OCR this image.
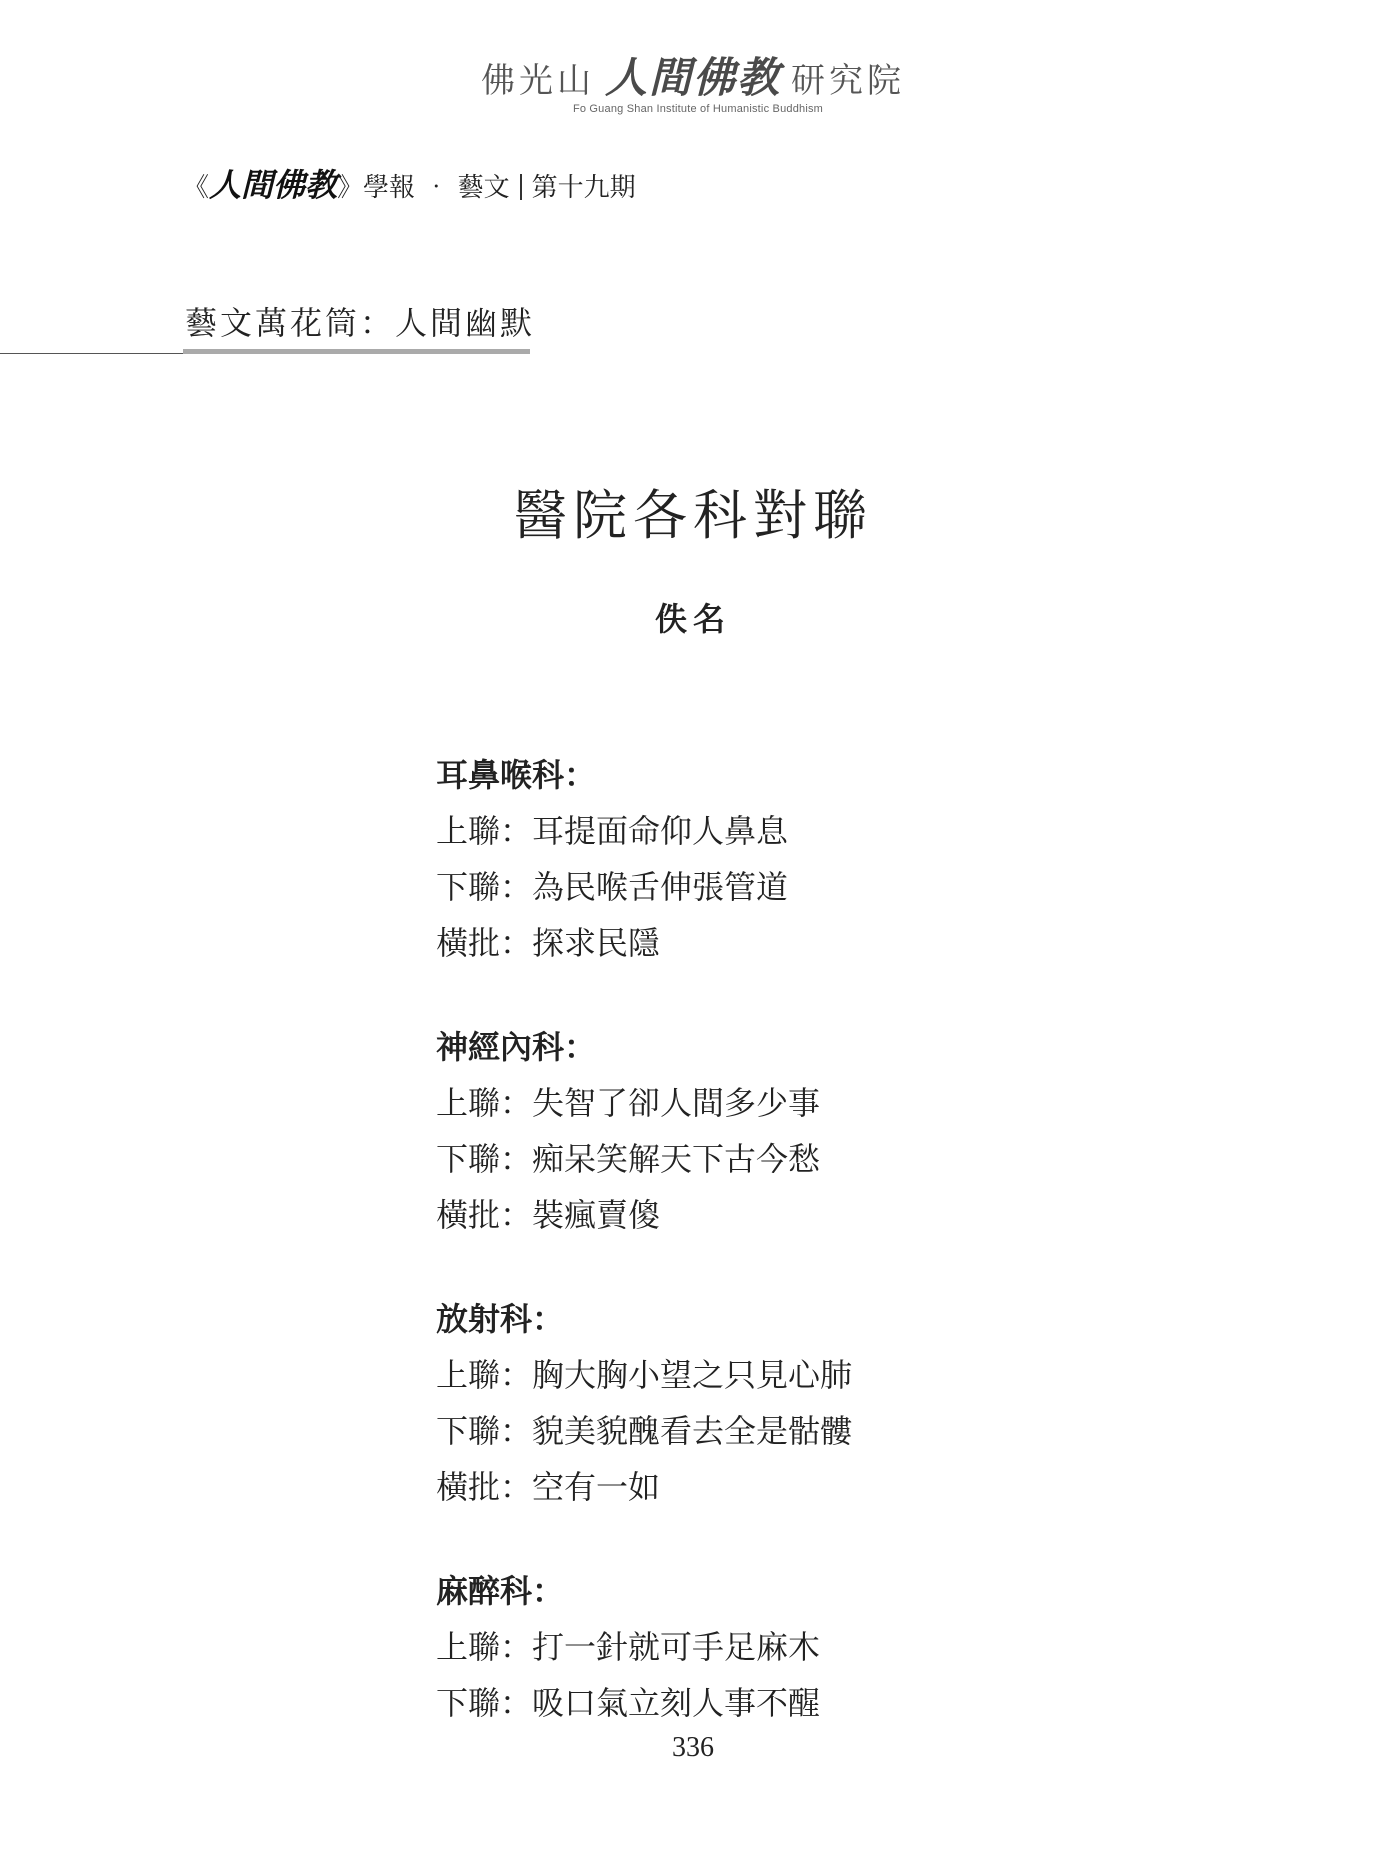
佛光山 人間佛教 研究院
Fo Guang Shan Institute of Humanistic Buddhism
《人間佛教》學報 ‧ 藝文 第十九期
藝文萬花筒：人間幽默
醫院各科對聯
佚名
耳鼻喉科：
上聯：耳提面命仰人鼻息
下聯：為民喉舌伸張管道
橫批：探求民隱
神經內科：
上聯：失智了卻人間多少事
下聯：痴呆笑解天下古今愁
橫批：裝瘋賣傻
放射科：
上聯：胸大胸小望之只見心肺
下聯：貌美貌醜看去全是骷髏
橫批：空有一如
麻醉科：
上聯：打一針就可手足麻木
下聯：吸口氣立刻人事不醒
336
